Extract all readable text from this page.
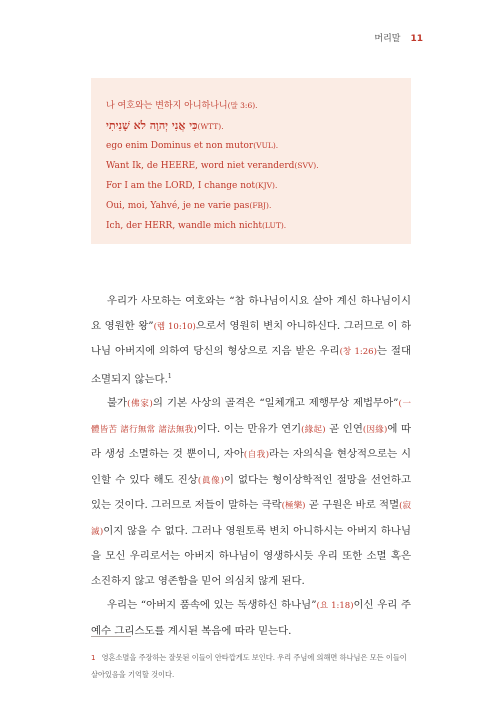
머리말 11
나 여호와는 변하지 아니하나니(말 3:6).
כִּי אֲנִי יְהוָה לֹא שָׁנִיתִי(WTT).
ego enim Dominus et non mutor(VUL).
Want Ik, de HEERE, word niet veranderd(SVV).
For I am the LORD, I change not(KJV).
Oui, moi, Yahvé, je ne varie pas(FBJ).
Ich, der HERR, wandle mich nicht(LUT).

우리가 사모하는 여호와는 “참 하나님이시요 살아 계신 하나님이시요 영원한 왕”(렘 10:10)으로서 영원히 변치 아니하신다. 그러므로 이 하나님 아버지에 의하여 당신의 형상으로 지음 받은 우리(창 1:26)는 절대 소멸되지 않는다.$^1$

불가(佛家)의 기본 사상의 골격은 “일체개고 제행무상 제법무아”(一體皆苦 諸行無常 諸法無我)이다. 이는 만유가 연기(緣起) 곧 인연(因緣)에 따라 생성 소멸하는 것 뿐이니, 자아(自我)라는 자의식을 현상적으로는 시인할 수 있다 해도 진상(眞像)이 없다는 형이상학적인 절망을 선언하고 있는 것이다. 그러므로 저들이 말하는 극락(極樂) 곧 구원은 바로 적멸(寂滅)이지 않을 수 없다. 그러나 영원토록 변치 아니하시는 아버지 하나님을 모신 우리로서는 아버지 하나님이 영생하시듯 우리 또한 소멸 혹은 소진하지 않고 영존함을 믿어 의심치 않게 된다.

우리는 “아버지 품속에 있는 독생하신 하나님”(요 1:18)이신 우리 주 예수 그리스도를 계시된 복음에 따라 믿는다.

1 영혼소멸을 주장하는 잘못된 이들이 안타깝게도 보인다. 우리 주님에 의해면 하나님은 모든 이들이 살아있음을 기억할 것이다.
